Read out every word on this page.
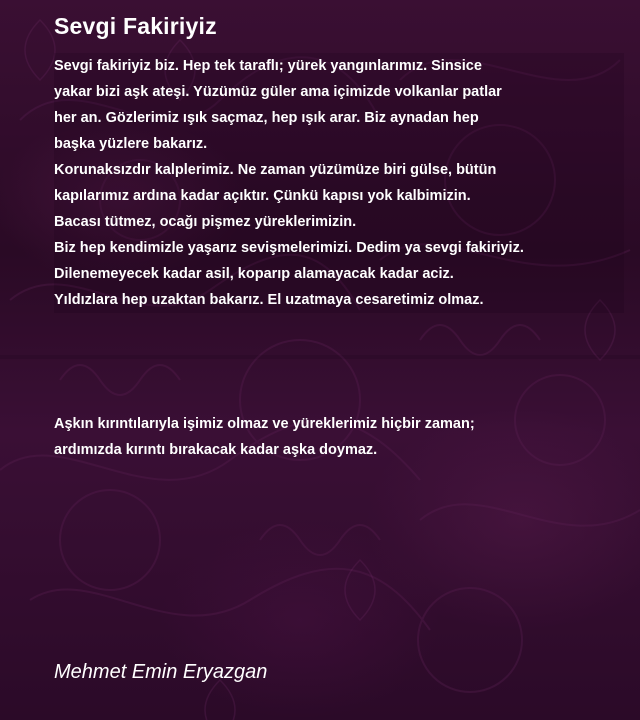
Sevgi Fakiriyiz
Sevgi fakiriyiz biz. Hep tek taraflı; yürek yangınlarımız. Sinsice
yakar bizi aşk ateşi. Yüzümüz güler ama içimizde volkanlar patlar
her an. Gözlerimiz ışık saçmaz, hep ışık arar. Biz aynadan hep
başka yüzlere bakarız.
Korunaksızdır kalplerimiz. Ne zaman yüzümüze biri gülse, bütün
kapılarımız ardına kadar açıktır. Çünkü kapısı yok kalbimizin.
Bacası tütmez, ocağı pişmez yüreklerimizin.
Biz hep kendimizle yaşarız sevişmelerimizi. Dedim ya sevgi fakiriyiz.
Dilenemeyecek kadar asil, koparıp alamayacak kadar aciz.
Yıldızlara hep uzaktan bakarız. El uzatmaya cesaretimiz olmaz.
Aşkın kırıntılarıyla işimiz olmaz ve yüreklerimiz hiçbir zaman;
ardımızda kırıntı bırakacak kadar aşka doymaz.

Mehmet Emin Eryazgan
